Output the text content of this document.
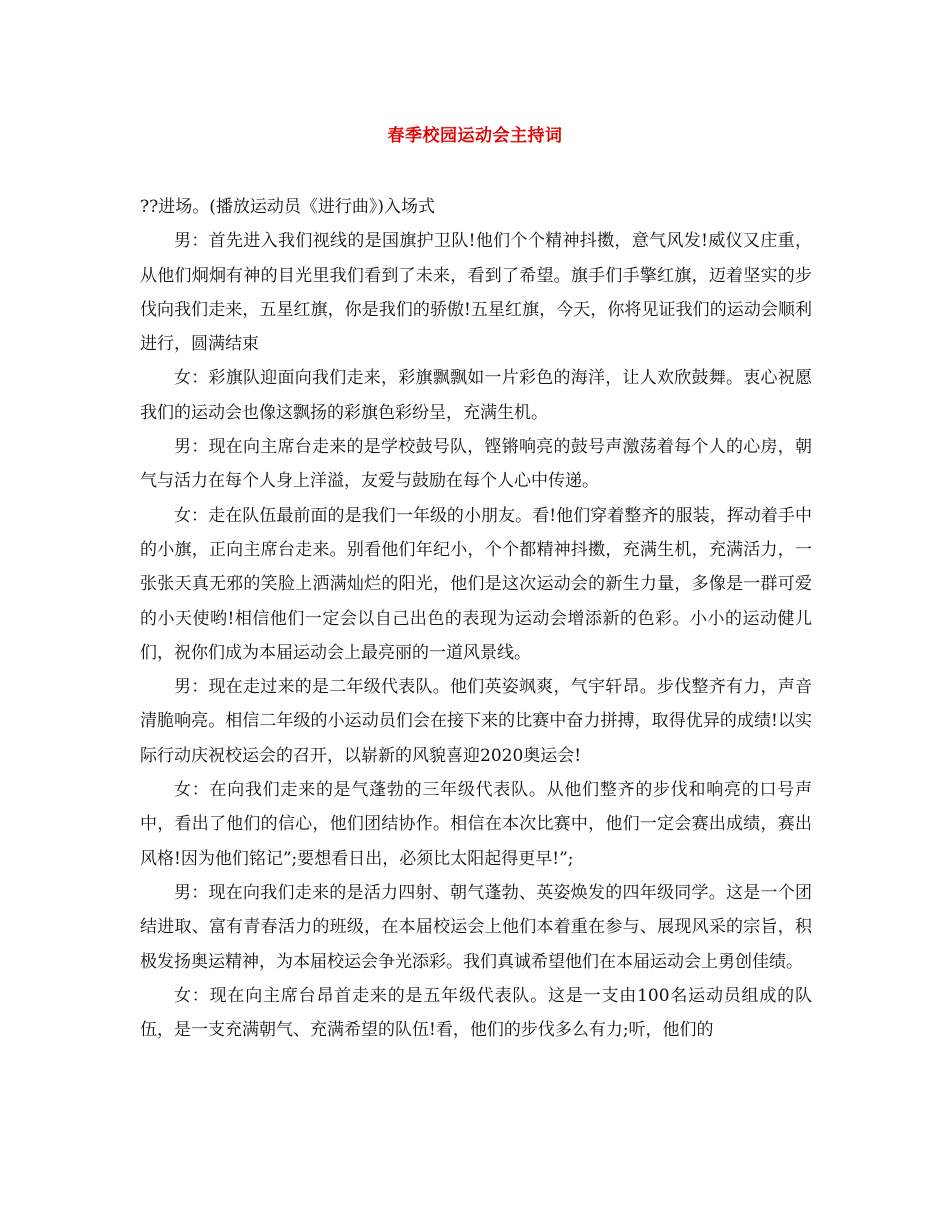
春季校园运动会主持词

??进场。(播放运动员《进行曲》)入场式

男：首先进入我们视线的是国旗护卫队!他们个个精神抖擞，意气风发!威仪又庄重，从他们炯炯有神的目光里我们看到了未来，看到了希望。旗手们手擎红旗，迈着坚实的步伐向我们走来，五星红旗，你是我们的骄傲!五星红旗，今天，你将见证我们的运动会顺利进行，圆满结束

女：彩旗队迎面向我们走来，彩旗飘飘如一片彩色的海洋，让人欢欣鼓舞。衷心祝愿我们的运动会也像这飘扬的彩旗色彩纷呈，充满生机。

男：现在向主席台走来的是学校鼓号队，铿锵响亮的鼓号声激荡着每个人的心房，朝气与活力在每个人身上洋溢，友爱与鼓励在每个人心中传递。

女：走在队伍最前面的是我们一年级的小朋友。看!他们穿着整齐的服装，挥动着手中的小旗，正向主席台走来。别看他们年纪小，个个都精神抖擞，充满生机，充满活力，一张张天真无邪的笑脸上洒满灿烂的阳光，他们是这次运动会的新生力量，多像是一群可爱的小天使哟!相信他们一定会以自己出色的表现为运动会增添新的色彩。小小的运动健儿们，祝你们成为本届运动会上最亮丽的一道风景线。

男：现在走过来的是二年级代表队。他们英姿飒爽，气宇轩昂。步伐整齐有力，声音清脆响亮。相信二年级的小运动员们会在接下来的比赛中奋力拼搏，取得优异的成绩!以实际行动庆祝校运会的召开，以崭新的风貌喜迎2020奥运会!

女：在向我们走来的是气蓬勃的三年级代表队。从他们整齐的步伐和响亮的口号声中，看出了他们的信心，他们团结协作。相信在本次比赛中，他们一定会赛出成绩，赛出风格!因为他们铭记”;要想看日出，必须比太阳起得更早!”;

男：现在向我们走来的是活力四射、朝气蓬勃、英姿焕发的四年级同学。这是一个团结进取、富有青春活力的班级，在本届校运会上他们本着重在参与、展现风采的宗旨，积极发扬奥运精神，为本届校运会争光添彩。我们真诚希望他们在本届运动会上勇创佳绩。

女：现在向主席台昂首走来的是五年级代表队。这是一支由100名运动员组成的队伍，是一支充满朝气、充满希望的队伍!看，他们的步伐多么有力;听，他们的
